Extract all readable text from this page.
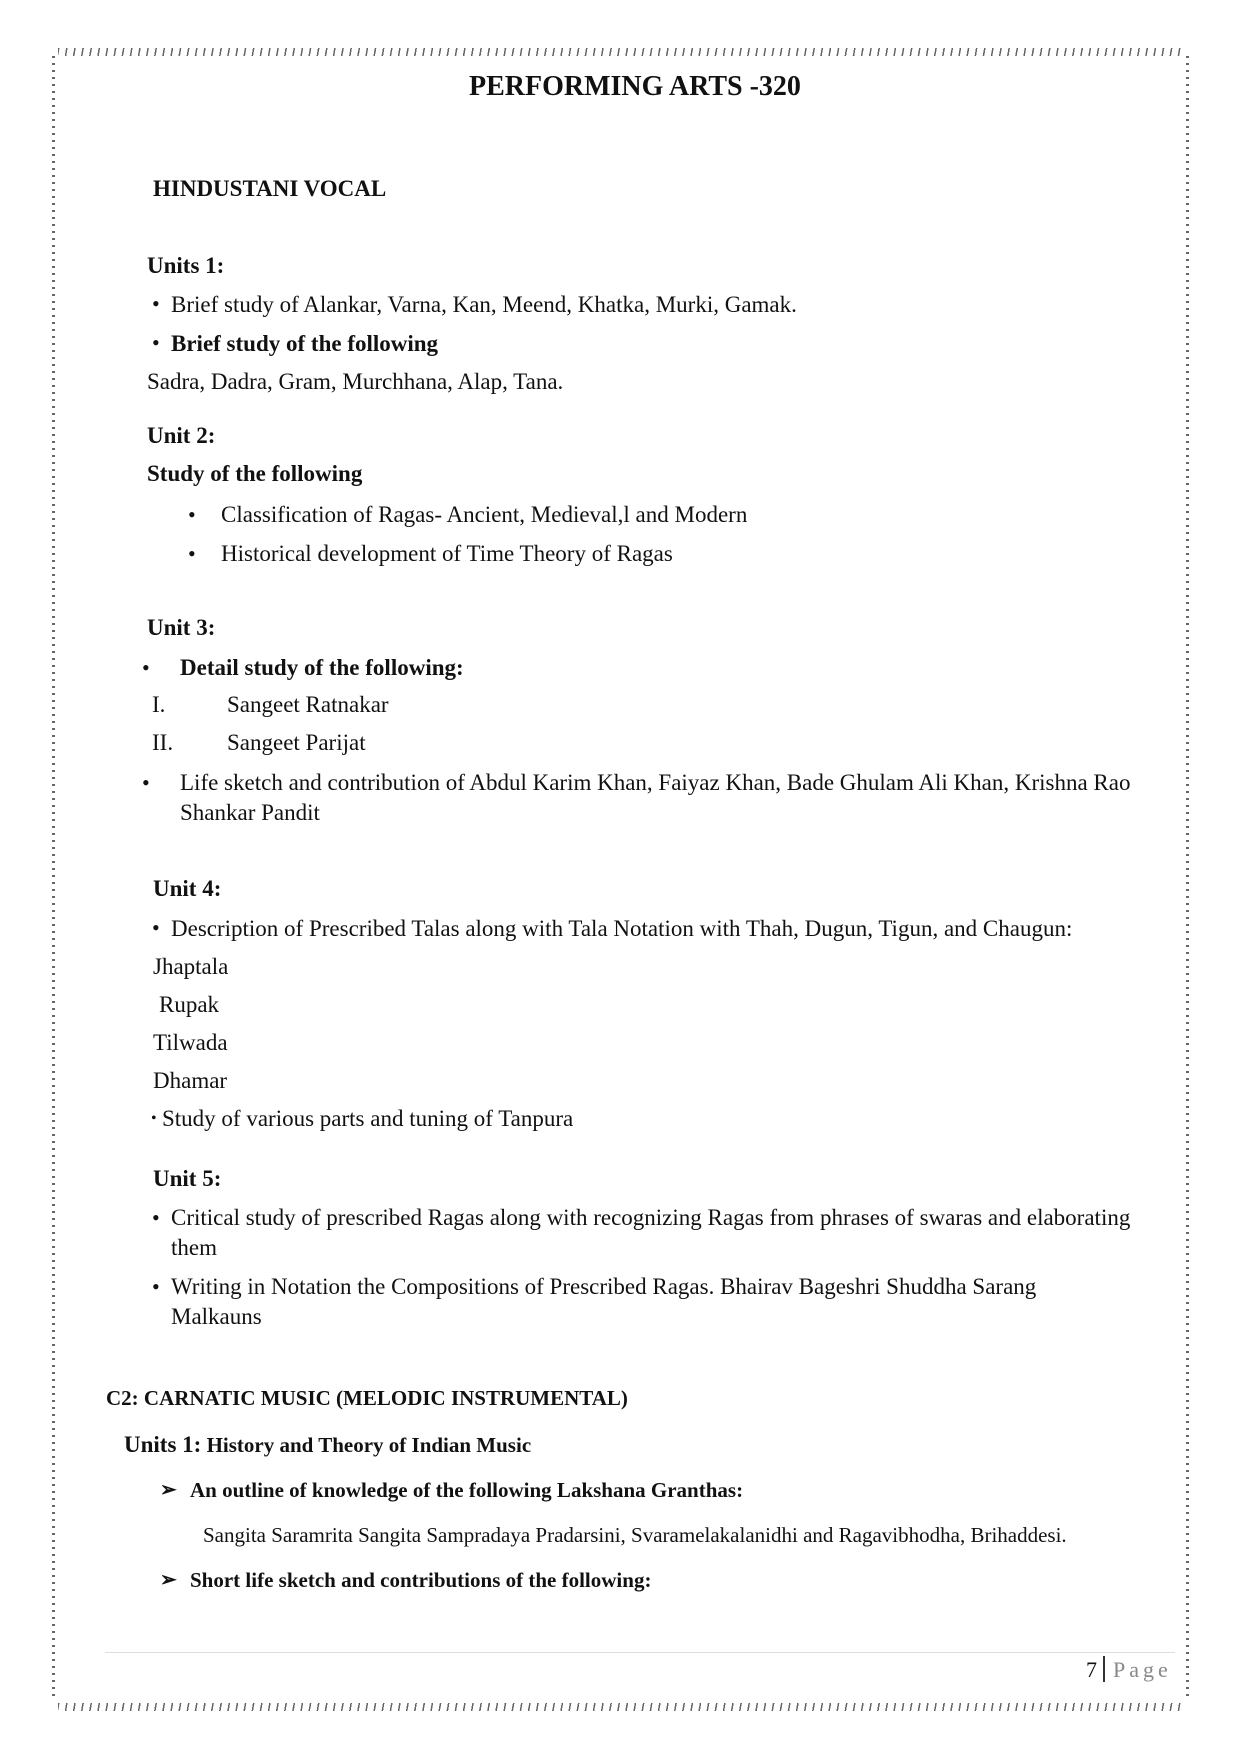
PERFORMING ARTS -320
HINDUSTANI VOCAL
Units 1:
• Brief study of Alankar, Varna, Kan, Meend, Khatka, Murki, Gamak.
• Brief study of the following
Sadra, Dadra, Gram, Murchhana, Alap, Tana.
Unit 2:
Study of the following
• Classification of Ragas- Ancient, Medieval,l and Modern
• Historical development of Time Theory of Ragas
Unit 3:
• Detail study of the following:
I.	Sangeet Ratnakar
II. Sangeet Parijat
• Life sketch and contribution of Abdul Karim Khan, Faiyaz Khan, Bade Ghulam Ali Khan, Krishna Rao Shankar Pandit
Unit 4:
• Description of Prescribed Talas along with Tala Notation with Thah, Dugun, Tigun, and Chaugun:
Jhaptala
Rupak
Tilwada
Dhamar
• Study of various parts and tuning of Tanpura
Unit 5:
• Critical study of prescribed Ragas along with recognizing Ragas from phrases of swaras and elaborating them
• Writing in Notation the Compositions of Prescribed Ragas. Bhairav Bageshri Shuddha Sarang Malkauns
C2: CARNATIC MUSIC (MELODIC INSTRUMENTAL)
Units 1: History and Theory of Indian Music
➢ An outline of knowledge of the following Lakshana Granthas:
Sangita Saramrita Sangita Sampradaya Pradarsini, Svaramelakalanidhi and Ragavibhodha, Brihaddesi.
➢ Short life sketch and contributions of the following:
7 Page
